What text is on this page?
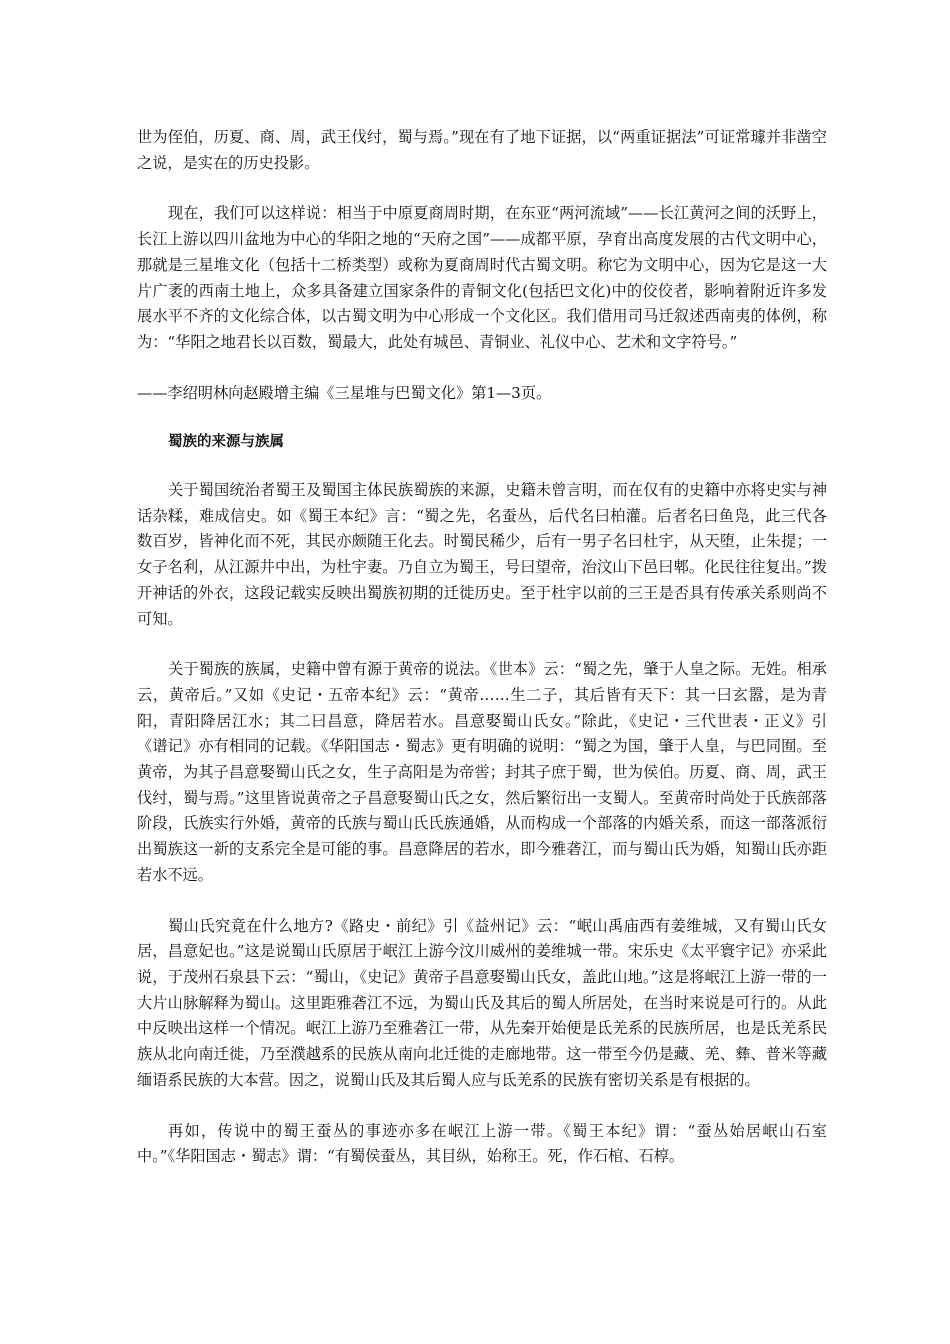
世为侄伯，历夏、商、周，武王伐纣，蜀与焉。”现在有了地下证据，以“两重证据法”可证常璩并非凿空之说，是实在的历史投影。

现在，我们可以这样说：相当于中原夏商周时期，在东亚“两河流域”——长江黄河之间的沃野上，长江上游以四川盆地为中心的华阳之地的“天府之国”——成都平原，孕育出高度发展的古代文明中心，那就是三星堆文化（包括十二桥类型）或称为夏商周时代古蜀文明。称它为文明中心，因为它是这一大片广袤的西南土地上，众多具备建立国家条件的青铜文化(包括巴文化)中的佼佼者，影响着附近许多发展水平不齐的文化综合体，以古蜀文明为中心形成一个文化区。我们借用司马迁叙述西南夷的体例，称为：“华阳之地君长以百数，蜀最大，此处有城邑、青铜业、礼仪中心、艺术和文字符号。”

——李绍明林向赵殿增主编《三星堆与巴蜀文化》第1—3页。

蜀族的来源与族属

关于蜀国统治者蜀王及蜀国主体民族蜀族的来源，史籍未曾言明，而在仅有的史籍中亦将史实与神话杂糅，难成信史。如《蜀王本纪》言：“蜀之先，名蚕丛，后代名曰柏灌。后者名曰鱼凫，此三代各数百岁，皆神化而不死，其民亦颇随王化去。时蜀民稀少，后有一男子名曰杜宇，从天堕，止朱提；一女子名利，从江源井中出，为杜宇妻。乃自立为蜀王，号曰望帝，治汶山下邑曰郫。化民往往复出。”拨开神话的外衣，这段记载实反映出蜀族初期的迁徙历史。至于杜宇以前的三王是否具有传承关系则尚不可知。

关于蜀族的族属，史籍中曾有源于黄帝的说法。《世本》云：“蜀之先，肇于人皇之际。无姓。相承云，黄帝后。”又如《史记・五帝本纪》云：“黄帝……生二子，其后皆有天下：其一曰玄嚣，是为青阳，青阳降居江水；其二曰昌意，降居若水。昌意娶蜀山氏女。”除此，《史记・三代世表・正义》引《谱记》亦有相同的记载。《华阳国志・蜀志》更有明确的说明：“蜀之为国，肇于人皇，与巴同囿。至黄帝，为其子昌意娶蜀山氏之女，生子高阳是为帝喾；封其子庶于蜀，世为侯伯。历夏、商、周，武王伐纣，蜀与焉。”这里皆说黄帝之子昌意娶蜀山氏之女，然后繁衍出一支蜀人。至黄帝时尚处于氏族部落阶段，氏族实行外婚，黄帝的氏族与蜀山氏氏族通婚，从而构成一个部落的内婚关系，而这一部落派衍出蜀族这一新的支系完全是可能的事。昌意降居的若水，即今雅砻江，而与蜀山氏为婚，知蜀山氏亦距若水不远。

蜀山氏究竟在什么地方?《路史・前纪》引《益州记》云：“岷山禹庙西有姜维城，又有蜀山氏女居，昌意妃也。”这是说蜀山氏原居于岷江上游今汶川威州的姜维城一带。宋乐史《太平寰宇记》亦采此说，于茂州石泉县下云：“蜀山，《史记》黄帝子昌意娶蜀山氏女，盖此山地。”这是将岷江上游一带的一大片山脉解释为蜀山。这里距雅砻江不远，为蜀山氏及其后的蜀人所居处，在当时来说是可行的。从此中反映出这样一个情况。岷江上游乃至雅砻江一带，从先秦开始便是氐羌系的民族所居，也是氐羌系民族从北向南迁徙，乃至濮越系的民族从南向北迁徙的走廊地带。这一带至今仍是藏、羌、彝、普米等藏缅语系民族的大本营。因之，说蜀山氏及其后蜀人应与氐羌系的民族有密切关系是有根据的。

再如，传说中的蜀王蚕丛的事迹亦多在岷江上游一带。《蜀王本纪》谓：“蚕丛始居岷山石室中。”《华阳国志・蜀志》谓：“有蜀侯蚕丛，其目纵，始称王。死，作石棺、石椁。
